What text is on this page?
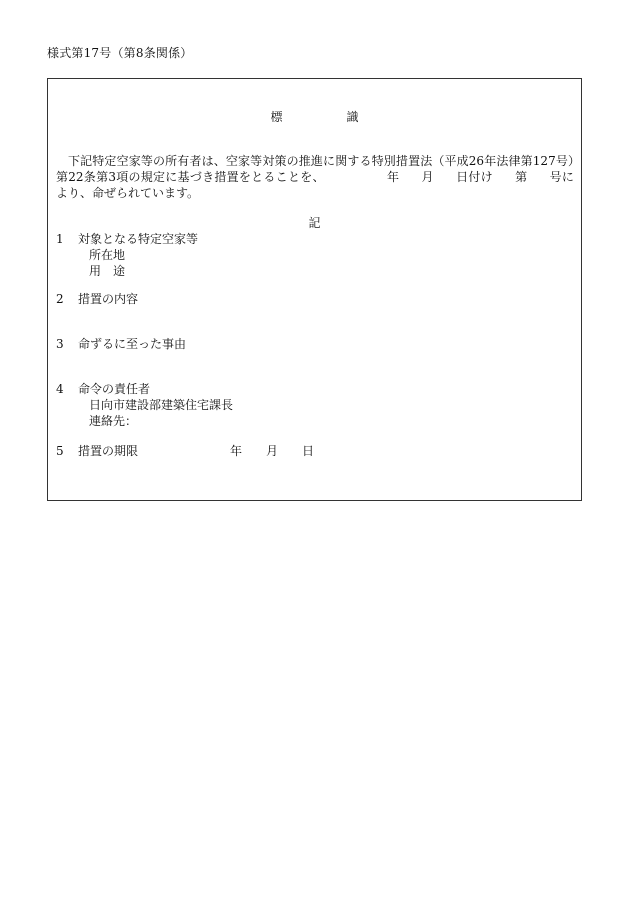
様式第17号（第8条関係）
標識
下記特定空家等の所有者は、空家等対策の推進に関する特別措置法（平成26年法律第127号）第22条第3項の規定に基づき措置をとることを、	年 月 日付け 第 号により、命ぜられています。
記
1 対象となる特定空家等
所在地
用　途
2 措置の内容
3 命ずるに至った事由
4 命令の責任者
日向市建設部建築住宅課長
連絡先：
5 措置の期限	年 月 日
